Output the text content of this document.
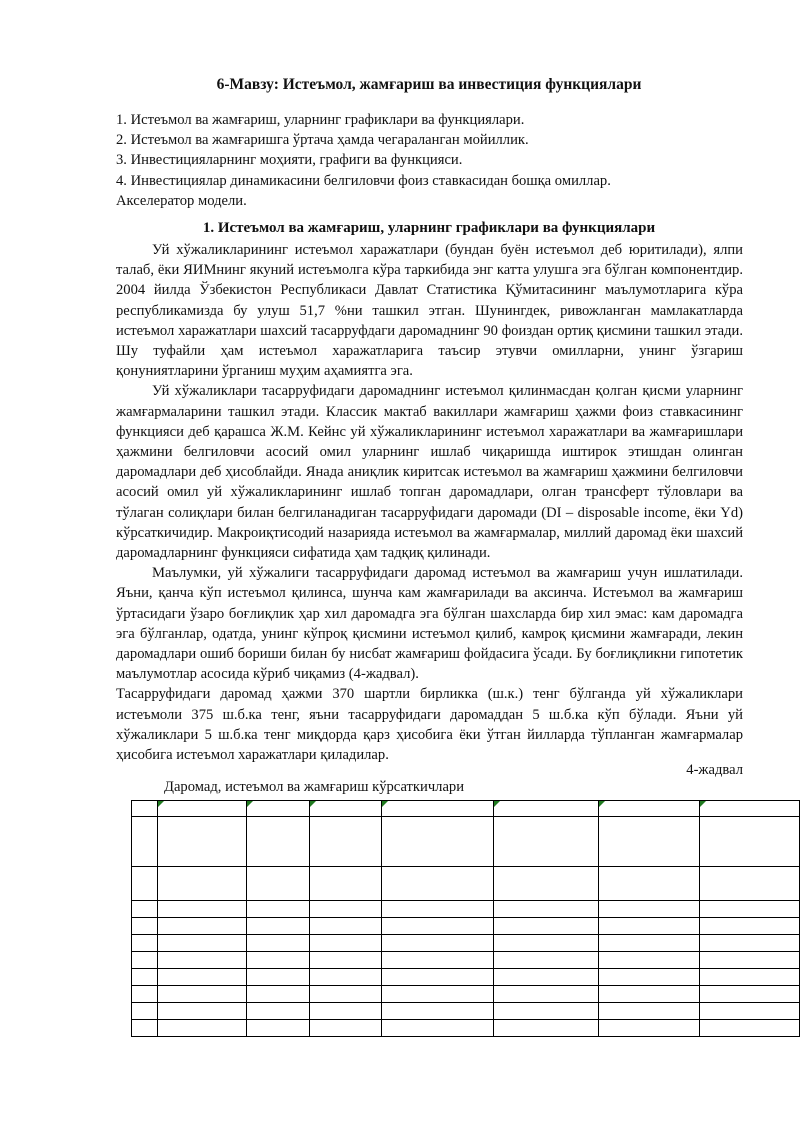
6-Мавзу: Истеъмол, жамғариш ва инвестиция функциялари
1. Истеъмол ва жамғариш, уларнинг графиклари ва функциялари.
2. Истеъмол ва жамғаришга ўртача ҳамда чегараланган мойиллик.
3. Инвестицияларнинг моҳияти, графиги ва функцияси.
4. Инвестициялар динамикасини белгиловчи фоиз ставкасидан бошқа омиллар.
Акселератор модели.
1. Истеъмол ва жамғариш, уларнинг графиклари ва функциялари

Уй хўжаликларининг истеъмол харажатлари (бундан буён истеъмол деб юритилади), ялпи талаб, ёки ЯИМнинг якуний истеъмолга кўра таркибида энг катта улушга эга бўлган компонентдир. 2004 йилда Ўзбекистон Республикаси Давлат Статистика Қўмитасининг маълумотларига кўра республикамизда бу улуш 51,7 %ни ташкил этган. Шунингдек, ривожланган мамлакатларда истеъмол харажатлари шахсий тасарруфдаги даромаднинг 90 фоиздан ортиқ қисмини ташкил этади. Шу туфайли ҳам истеъмол харажатларига таъсир этувчи омилларни, унинг ўзгариш қонуниятларини ўрганиш муҳим аҳамиятга эга.

Уй хўжаликлари тасарруфидаги даромаднинг истеъмол қилинмасдан қолган қисми уларнинг жамғармаларини ташкил этади. Классик мактаб вакиллари жамғариш ҳажми фоиз ставкасининг функцияси деб қарашса Ж.М. Кейнс уй хўжаликларининг истеъмол харажатлари ва жамғаришлари ҳажмини белгиловчи асосий омил уларнинг ишлаб чиқаришда иштирок этишдан олинган даромадлари деб ҳисоблайди. Янада аниқлик киритсак истеъмол ва жамғариш ҳажмини белгиловчи асосий омил уй хўжаликларининг ишлаб топган даромадлари, олган трансферт тўловлари ва тўлаган солиқлари билан белгиланадиган тасарруфидаги даромади (DI – disposable income, ёки Yd) кўрсаткичидир. Макроиқтисодий назарияда истеъмол ва жамғармалар, миллий даромад ёки шахсий даромадларнинг функцияси сифатида ҳам тадқиқ қилинади.

Маълумки, уй хўжалиги тасарруфидаги даромад истеъмол ва жамғариш учун ишлатилади. Яъни, қанча кўп истеъмол қилинса, шунча кам жамғарилади ва аксинча. Истеъмол ва жамғариш ўртасидаги ўзаро боғлиқлик ҳар хил даромадга эга бўлган шахсларда бир хил эмас: кам даромадга эга бўлганлар, одатда, унинг кўпроқ қисмини истеъмол қилиб, камроқ қисмини жамғаради, лекин даромадлари ошиб бориши билан бу нисбат жамғариш фойдасига ўсади. Бу боғлиқликни гипотетик маълумотлар асосида кўриб чиқамиз (4-жадвал).

Тасарруфидаги даромад ҳажми 370 шартли бирликка (ш.к.) тенг бўлганда уй хўжаликлари истеъмоли 375 ш.б.ка тенг, яъни тасарруфидаги даромаддан 5 ш.б.ка кўп бўлади. Яъни уй хўжаликлари 5 ш.б.ка тенг миқдорда қарз ҳисобига ёки ўтган йилларда тўпланган жамғармалар ҳисобига истеъмол харажатлари қиладилар.

4-жадвал
Даромад, истеъмол ва жамғариш кўрсаткичлари
